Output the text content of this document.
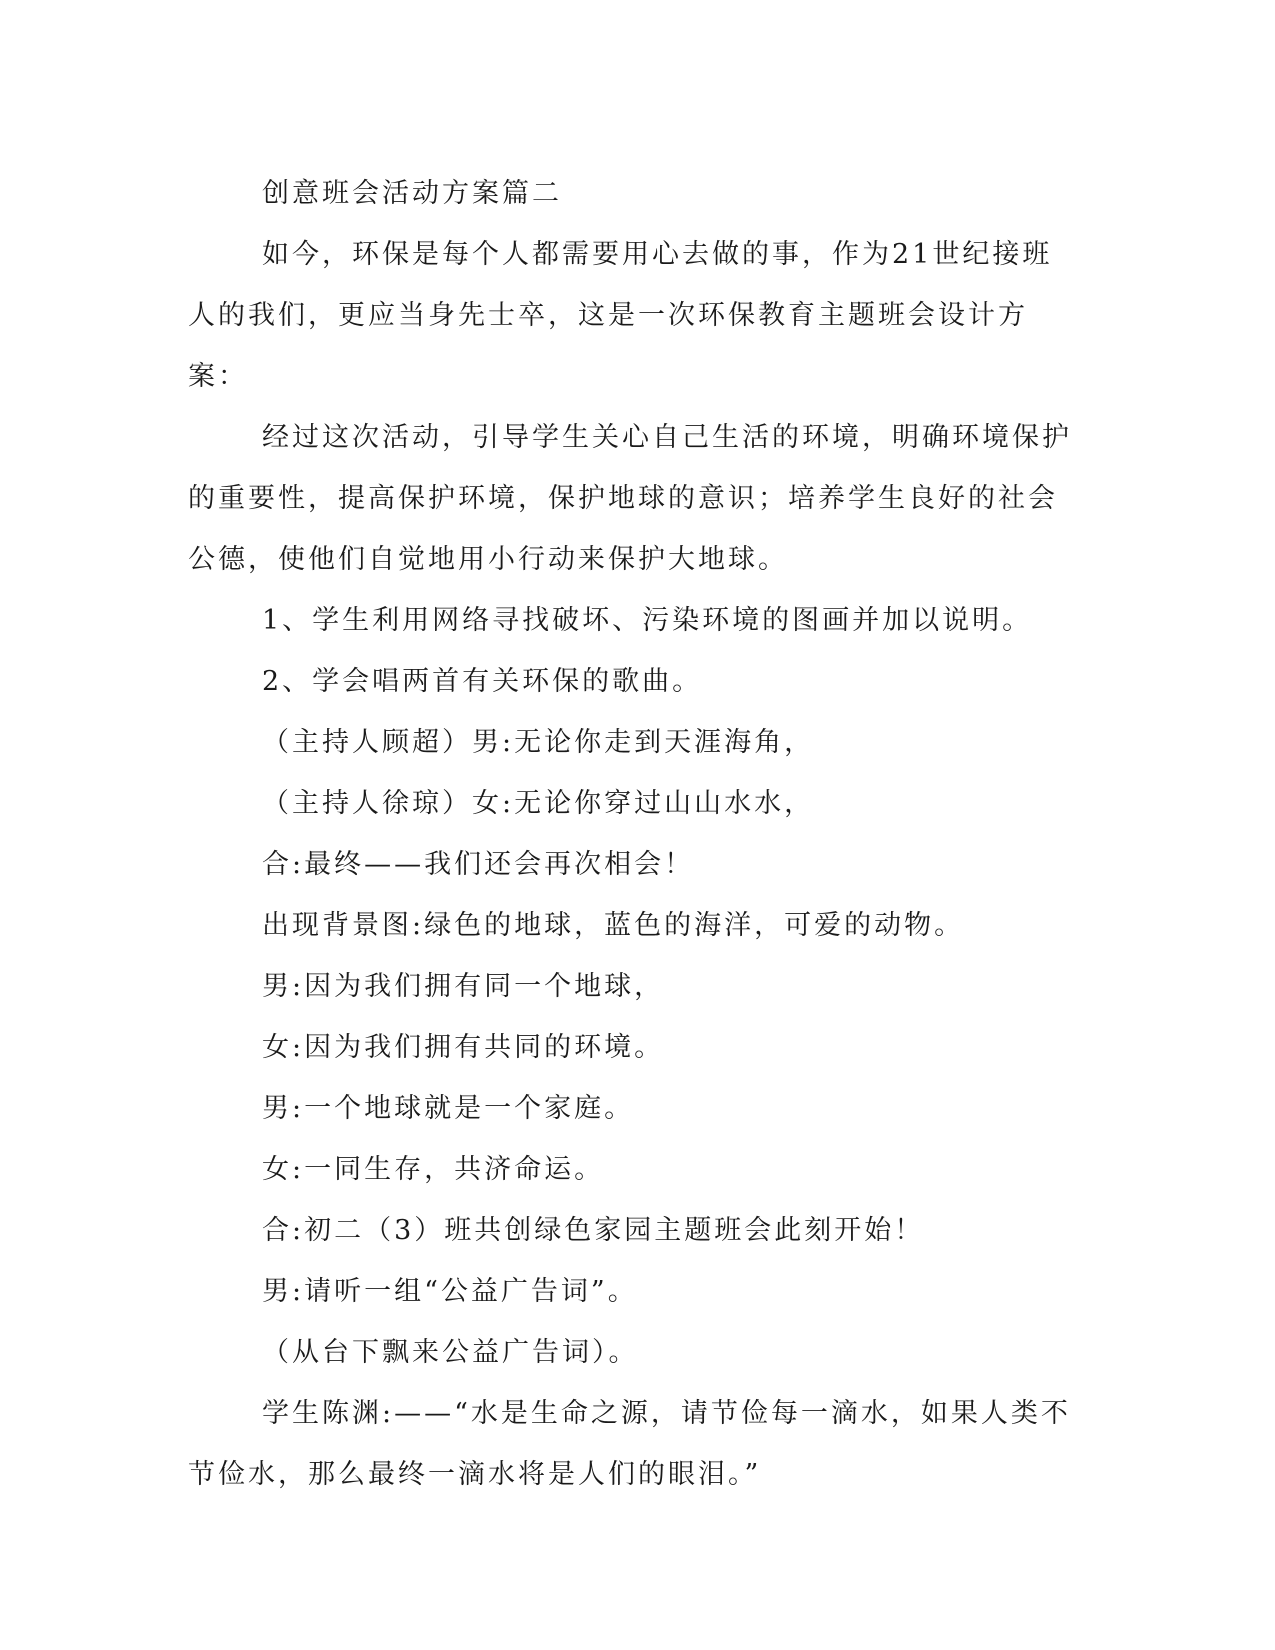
创意班会活动方案篇二

如今，环保是每个人都需要用心去做的事，作为21世纪接班人的我们，更应当身先士卒，这是一次环保教育主题班会设计方案：

经过这次活动，引导学生关心自己生活的环境，明确环境保护的重要性，提高保护环境，保护地球的意识；培养学生良好的社会公德，使他们自觉地用小行动来保护大地球。

1、学生利用网络寻找破坏、污染环境的图画并加以说明。

2、学会唱两首有关环保的歌曲。

（主持人顾超）男:无论你走到天涯海角，

（主持人徐琼）女:无论你穿过山山水水，

合:最终——我们还会再次相会！

出现背景图:绿色的地球，蓝色的海洋，可爱的动物。

男:因为我们拥有同一个地球，

女:因为我们拥有共同的环境。

男:一个地球就是一个家庭。

女:一同生存，共济命运。

合:初二（3）班共创绿色家园主题班会此刻开始！

男:请听一组“公益广告词”。

（从台下飘来公益广告词）。

学生陈渊:——“水是生命之源，请节俭每一滴水，如果人类不节俭水，那么最终一滴水将是人们的眼泪。”
